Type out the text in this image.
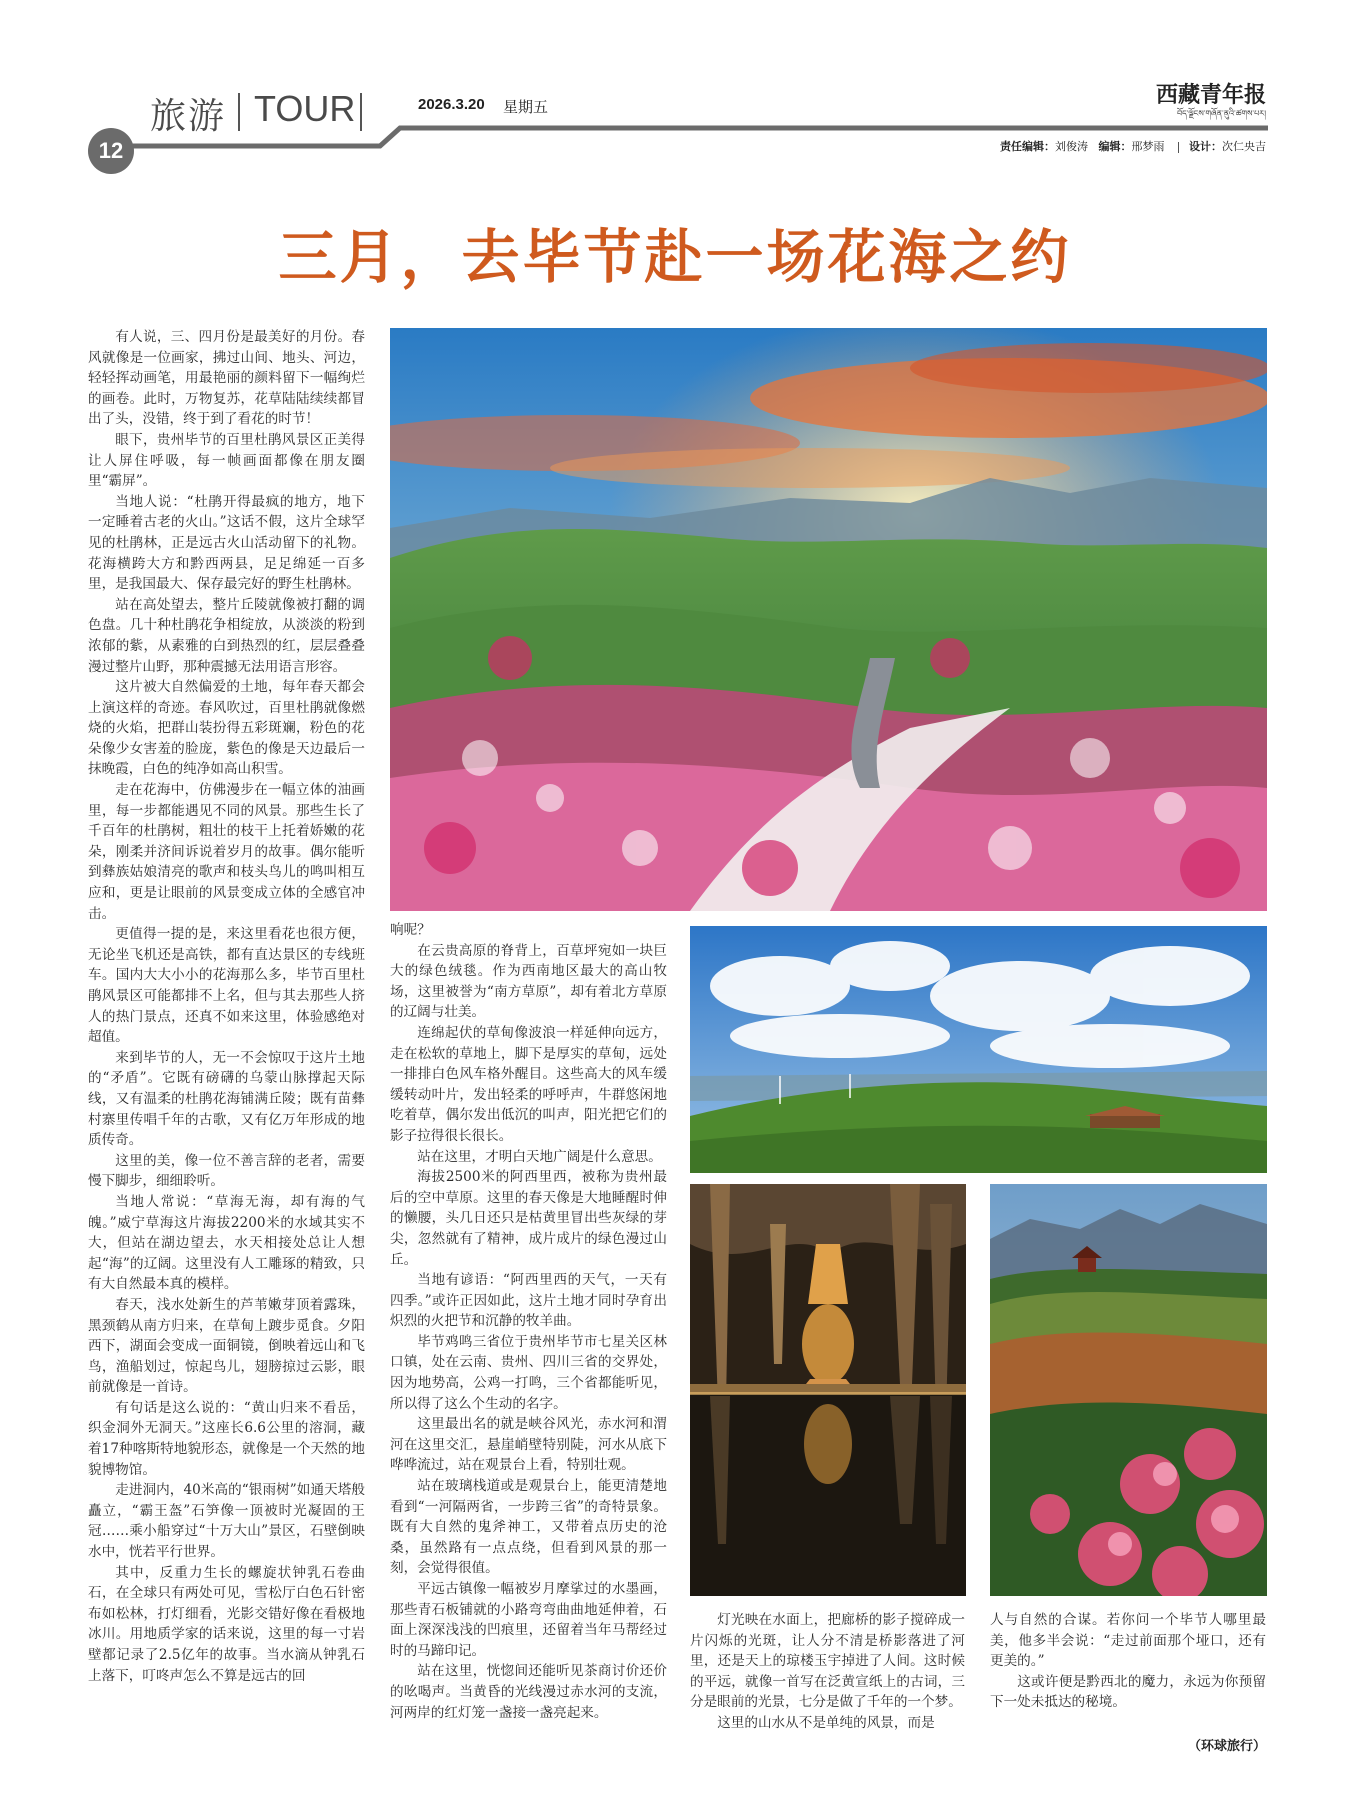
旅游 TOUR	2026.3.20 星期五	西藏青年报
བོད་ལྗོངས་གཞོན་ནུའི་ཚགས་པར།
12	责任编辑：刘俊涛 编辑：邢梦雨 设计：次仁央吉
三月，去毕节赴一场花海之约

有人说，三、四月份是最美好的月份。春风就像是一位画家，拂过山间、地头、河边，轻轻挥动画笔，用最艳丽的颜料留下一幅绚烂的画卷。此时，万物复苏，花草陆陆续续都冒出了头，没错，终于到了看花的时节！

眼下，贵州毕节的百里杜鹃风景区正美得让人屏住呼吸，每一帧画面都像在朋友圈里“霸屏”。

当地人说：“杜鹃开得最疯的地方，地下一定睡着古老的火山。”这话不假，这片全球罕见的杜鹃林，正是远古火山活动留下的礼物。花海横跨大方和黔西两县，足足绵延一百多里，是我国最大、保存最完好的野生杜鹃林。

站在高处望去，整片丘陵就像被打翻的调色盘。几十种杜鹃花争相绽放，从淡淡的粉到浓郁的紫，从素雅的白到热烈的红，层层叠叠漫过整片山野，那种震撼无法用语言形容。

这片被大自然偏爱的土地，每年春天都会上演这样的奇迹。春风吹过，百里杜鹃就像燃烧的火焰，把群山装扮得五彩斑斓，粉色的花朵像少女害羞的脸庞，紫色的像是天边最后一抹晚霞，白色的纯净如高山积雪。

走在花海中，仿佛漫步在一幅立体的油画里，每一步都能遇见不同的风景。那些生长了千百年的杜鹃树，粗壮的枝干上托着娇嫩的花朵，刚柔并济间诉说着岁月的故事。偶尔能听到彝族姑娘清亮的歌声和枝头鸟儿的鸣叫相互应和，更是让眼前的风景变成立体的全感官冲击。

更值得一提的是，来这里看花也很方便，无论坐飞机还是高铁，都有直达景区的专线班车。国内大大小小的花海那么多，毕节百里杜鹃风景区可能都排不上名，但与其去那些人挤人的热门景点，还真不如来这里，体验感绝对超值。

来到毕节的人，无一不会惊叹于这片土地的“矛盾”。它既有磅礴的乌蒙山脉撑起天际线，又有温柔的杜鹃花海铺满丘陵；既有苗彝村寨里传唱千年的古歌，又有亿万年形成的地质传奇。

这里的美，像一位不善言辞的老者，需要慢下脚步，细细聆听。

当地人常说：“草海无海，却有海的气魄。”威宁草海这片海拔2200米的水域其实不大，但站在湖边望去，水天相接处总让人想起“海”的辽阔。这里没有人工雕琢的精致，只有大自然最本真的模样。

春天，浅水处新生的芦苇嫩芽顶着露珠，黑颈鹤从南方归来，在草甸上踱步觅食。夕阳西下，湖面会变成一面铜镜，倒映着远山和飞鸟，渔船划过，惊起鸟儿，翅膀掠过云影，眼前就像是一首诗。

有句话是这么说的：“黄山归来不看岳，织金洞外无洞天。”这座长6.6公里的溶洞，藏着17种喀斯特地貌形态，就像是一个天然的地貌博物馆。

走进洞内，40米高的“银雨树”如通天塔般矗立，“霸王盔”石笋像一顶被时光凝固的王冠……乘小船穿过“十万大山”景区，石壁倒映水中，恍若平行世界。

其中，反重力生长的螺旋状钟乳石卷曲石，在全球只有两处可见，雪松厅白色石针密布如松林，打灯细看，光影交错好像在看极地冰川。用地质学家的话来说，这里的每一寸岩壁都记录了2.5亿年的故事。当水滴从钟乳石上落下，叮咚声怎么不算是远古的回

响呢？

在云贵高原的脊背上，百草坪宛如一块巨大的绿色绒毯。作为西南地区最大的高山牧场，这里被誉为“南方草原”，却有着北方草原的辽阔与壮美。

连绵起伏的草甸像波浪一样延伸向远方，走在松软的草地上，脚下是厚实的草甸，远处一排排白色风车格外醒目。这些高大的风车缓缓转动叶片，发出轻柔的呼呼声，牛群悠闲地吃着草，偶尔发出低沉的叫声，阳光把它们的影子拉得很长很长。

站在这里，才明白天地广阔是什么意思。

海拔2500米的阿西里西，被称为贵州最后的空中草原。这里的春天像是大地睡醒时伸的懒腰，头几日还只是枯黄里冒出些灰绿的芽尖，忽然就有了精神，成片成片的绿色漫过山丘。

当地有谚语：“阿西里西的天气，一天有四季。”或许正因如此，这片土地才同时孕育出炽烈的火把节和沉静的牧羊曲。

毕节鸡鸣三省位于贵州毕节市七星关区林口镇，处在云南、贵州、四川三省的交界处，因为地势高，公鸡一打鸣，三个省都能听见，所以得了这么个生动的名字。

这里最出名的就是峡谷风光，赤水河和渭河在这里交汇，悬崖峭壁特别陡，河水从底下哗哗流过，站在观景台上看，特别壮观。

站在玻璃栈道或是观景台上，能更清楚地看到“一河隔两省，一步跨三省”的奇特景象。既有大自然的鬼斧神工，又带着点历史的沧桑，虽然路有一点点绕，但看到风景的那一刻，会觉得很值。

平远古镇像一幅被岁月摩挲过的水墨画，那些青石板铺就的小路弯弯曲曲地延伸着，石面上深深浅浅的凹痕里，还留着当年马帮经过时的马蹄印记。

站在这里，恍惚间还能听见茶商讨价还价的吆喝声。当黄昏的光线漫过赤水河的支流，河两岸的红灯笼一盏接一盏亮起来。

灯光映在水面上，把廊桥的影子搅碎成一片闪烁的光斑，让人分不清是桥影落进了河里，还是天上的琼楼玉宇掉进了人间。这时候的平远，就像一首写在泛黄宣纸上的古词，三分是眼前的光景，七分是做了千年的一个梦。

这里的山水从不是单纯的风景，而是

人与自然的合谋。若你问一个毕节人哪里最美，他多半会说：“走过前面那个垭口，还有更美的。”

这或许便是黔西北的魔力，永远为你预留下一处未抵达的秘境。

（环球旅行）
